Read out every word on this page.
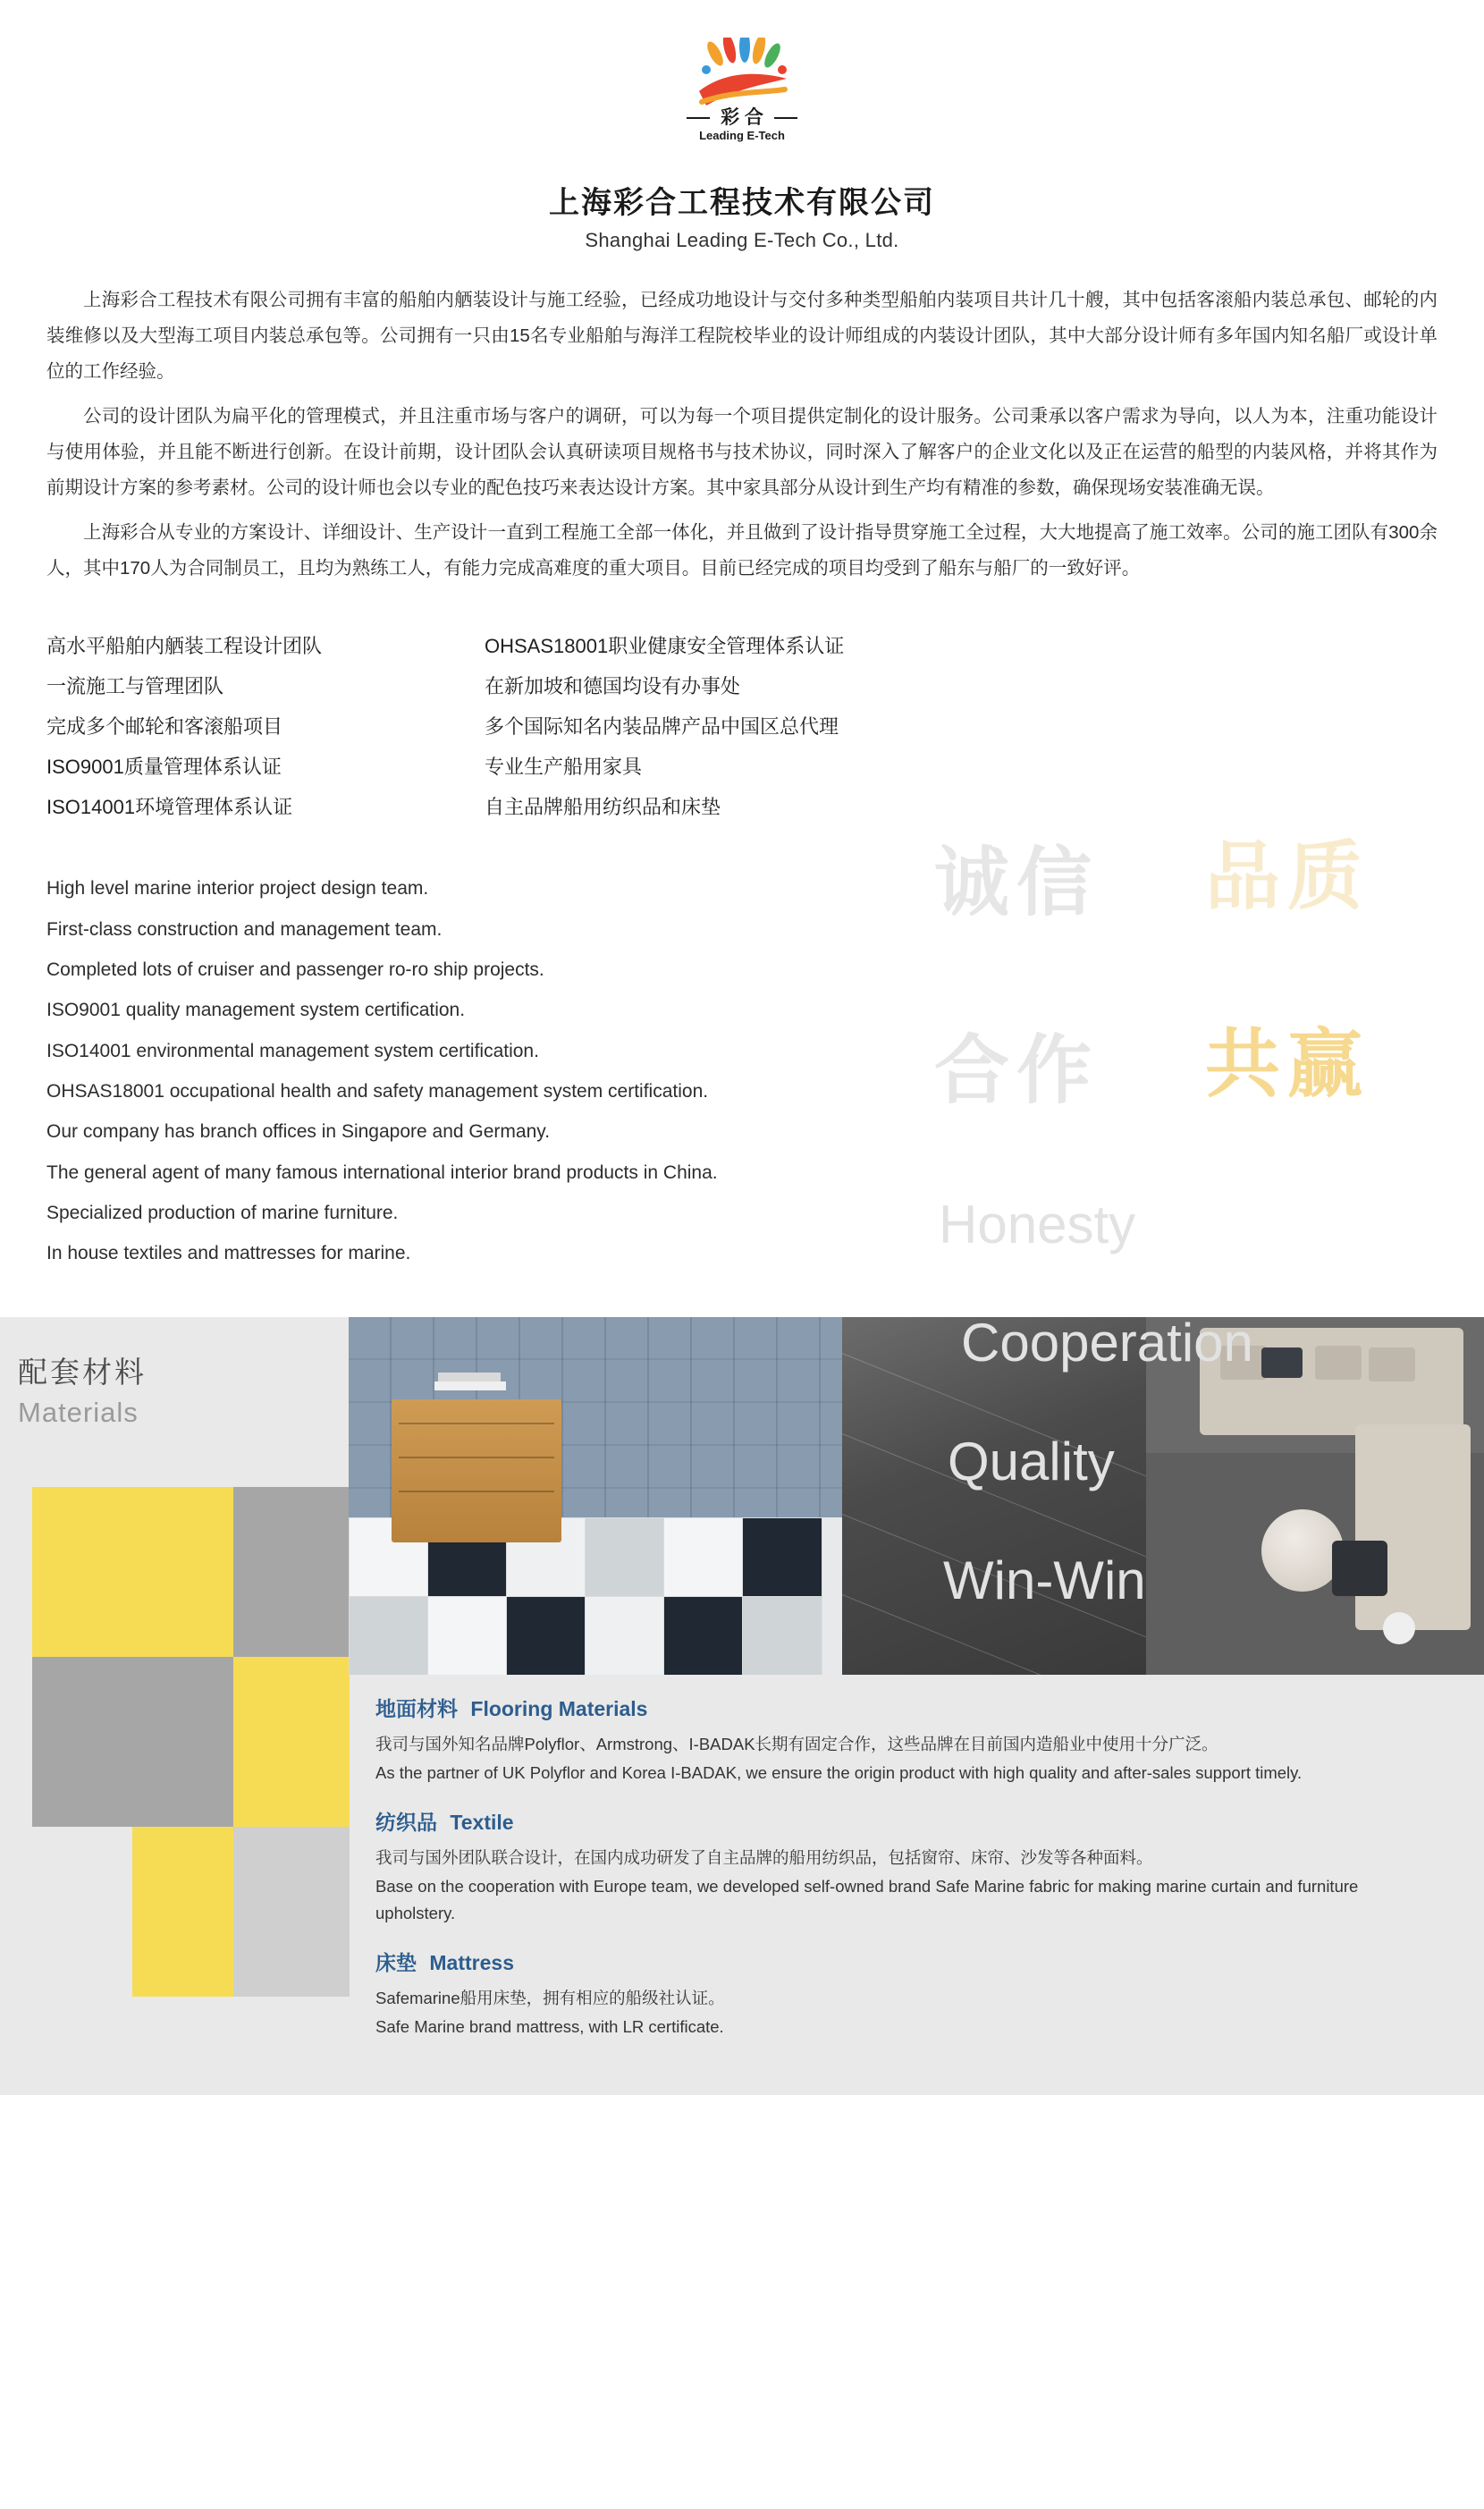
彩 合
Leading E-Tech
上海彩合工程技术有限公司
Shanghai Leading E-Tech Co., Ltd.

上海彩合工程技术有限公司拥有丰富的船舶内舾装设计与施工经验，已经成功地设计与交付多种类型船舶内装项目共计几十艘，其中包括客滚船内装总承包、邮轮的内装维修以及大型海工项目内装总承包等。公司拥有一只由15名专业船舶与海洋工程院校毕业的设计师组成的内装设计团队，其中大部分设计师有多年国内知名船厂或设计单位的工作经验。

公司的设计团队为扁平化的管理模式，并且注重市场与客户的调研，可以为每一个项目提供定制化的设计服务。公司秉承以客户需求为导向，以人为本，注重功能设计与使用体验，并且能不断进行创新。在设计前期，设计团队会认真研读项目规格书与技术协议，同时深入了解客户的企业文化以及正在运营的船型的内装风格，并将其作为前期设计方案的参考素材。公司的设计师也会以专业的配色技巧来表达设计方案。其中家具部分从设计到生产均有精准的参数，确保现场安装准确无误。

上海彩合从专业的方案设计、详细设计、生产设计一直到工程施工全部一体化，并且做到了设计指导贯穿施工全过程，大大地提高了施工效率。公司的施工团队有300余人，其中170人为合同制员工，且均为熟练工人，有能力完成高难度的重大项目。目前已经完成的项目均受到了船东与船厂的一致好评。

诚信 品质
合作 共赢
Honesty
Cooperation
Quality
Win-Win
高水平船舶内舾装工程设计团队
一流施工与管理团队
完成多个邮轮和客滚船项目
ISO9001质量管理体系认证
ISO14001环境管理体系认证
OHSAS18001职业健康安全管理体系认证
在新加坡和德国均设有办事处
多个国际知名内装品牌产品中国区总代理
专业生产船用家具
自主品牌船用纺织品和床垫
High level marine interior project design team.
First-class construction and management team.
Completed lots of cruiser and passenger ro-ro ship projects.
ISO9001 quality management system certification.
ISO14001 environmental management system certification.
OHSAS18001 occupational health and safety management system certification.
Our company has branch offices in Singapore and Germany.
The general agent of many famous international interior brand products in China.
Specialized production of marine furniture.
In house textiles and mattresses for marine.
配套材料
Materials
地面材料 Flooring Materials

我司与国外知名品牌Polyflor、Armstrong、I-BADAK长期有固定合作，这些品牌在目前国内造船业中使用十分广泛。

As the partner of UK Polyflor and Korea I-BADAK, we ensure the origin product with high quality and after-sales support timely.

纺织品 Textile

我司与国外团队联合设计，在国内成功研发了自主品牌的船用纺织品，包括窗帘、床帘、沙发等各种面料。

Base on the cooperation with Europe team, we developed self-owned brand Safe Marine fabric for making marine curtain and furniture upholstery.

床垫 Mattress

Safemarine船用床垫，拥有相应的船级社认证。

Safe Marine brand mattress, with LR certificate.
